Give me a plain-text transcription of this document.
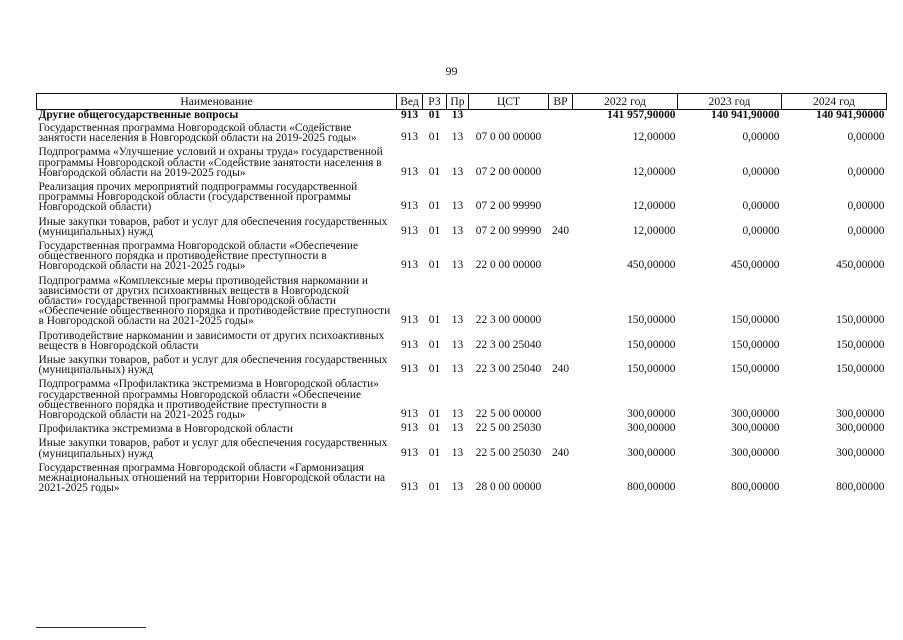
99
Наименование	Вед	РЗ	Пр	ЦСТ	ВР	2022 год	2023 год	2024 год
Другие общегосударственные вопросы	913	01	13			141 957,90000	140 941,90000	140 941,90000
Государственная программа Новгородской области «Содействие занятости населения в Новгородской области на 2019-2025 годы»	913	01	13	07 0 00 00000		12,00000	0,00000	0,00000
Подпрограмма «Улучшение условий и охраны труда» государственной программы Новгородской области «Содействие занятости населения в Новгородской области на 2019-2025 годы»	913	01	13	07 2 00 00000		12,00000	0,00000	0,00000
Реализация прочих мероприятий подпрограммы государственной программы Новгородской области (государственной программы Новгородской области)	913	01	13	07 2 00 99990		12,00000	0,00000	0,00000
Иные закупки товаров, работ и услуг для обеспечения государственных (муниципальных) нужд	913	01	13	07 2 00 99990	240	12,00000	0,00000	0,00000
Государственная программа Новгородской области «Обеспечение общественного порядка и противодействие преступности в Новгородской области на 2021-2025 годы»	913	01	13	22 0 00 00000		450,00000	450,00000	450,00000
Подпрограмма «Комплексные меры противодействия наркомании и зависимости от других психоактивных веществ в Новгородской области» государственной программы Новгородской области «Обеспечение общественного порядка и противодействие преступности в Новгородской области на 2021-2025 годы»	913	01	13	22 3 00 00000		150,00000	150,00000	150,00000
Противодействие наркомании и зависимости от других психоактивных веществ в Новгородской области	913	01	13	22 3 00 25040		150,00000	150,00000	150,00000
Иные закупки товаров, работ и услуг для обеспечения государственных (муниципальных) нужд	913	01	13	22 3 00 25040	240	150,00000	150,00000	150,00000
Подпрограмма «Профилактика экстремизма в Новгородской области» государственной программы Новгородской области «Обеспечение общественного порядка и противодействие преступности в Новгородской области на 2021-2025 годы»	913	01	13	22 5 00 00000		300,00000	300,00000	300,00000
Профилактика экстремизма в Новгородской области	913	01	13	22 5 00 25030		300,00000	300,00000	300,00000
Иные закупки товаров, работ и услуг для обеспечения государственных (муниципальных) нужд	913	01	13	22 5 00 25030	240	300,00000	300,00000	300,00000
Государственная программа Новгородской области «Гармонизация межнациональных отношений на территории Новгородской области на 2021-2025 годы»	913	01	13	28 0 00 00000		800,00000	800,00000	800,00000
